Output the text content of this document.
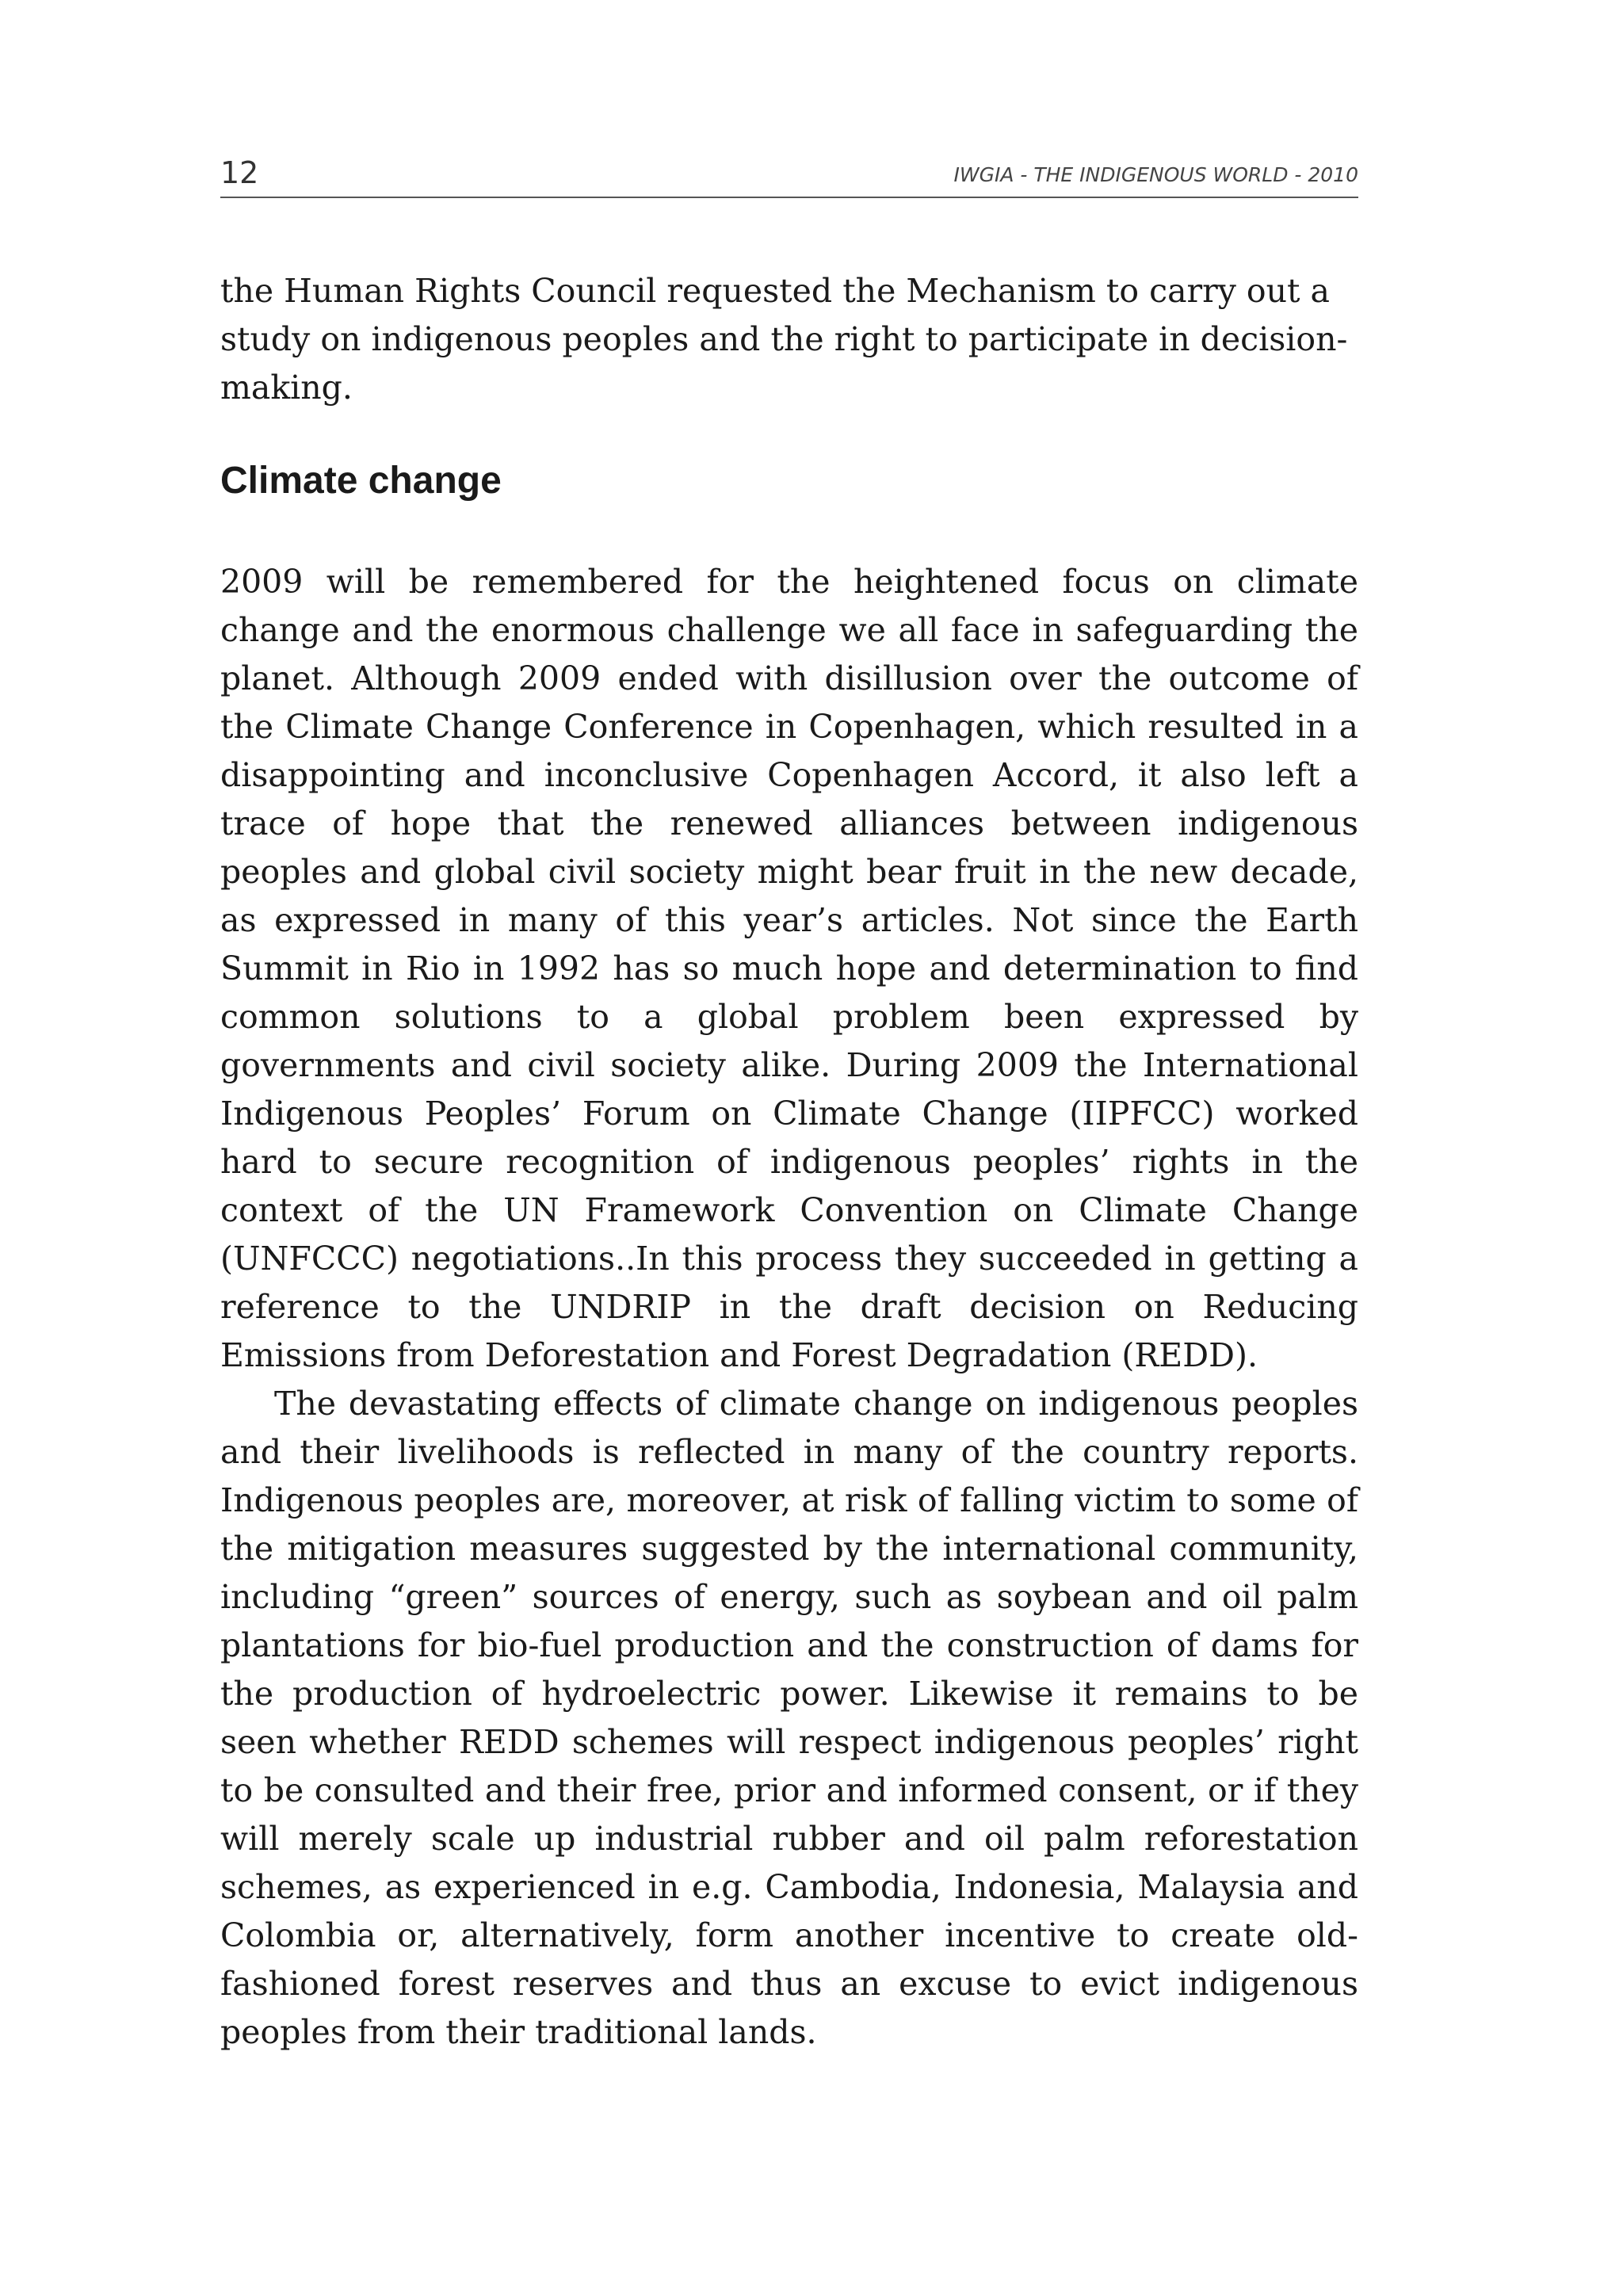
12	IWGIA - THE INDIGENOUS WORLD - 2010

the Human Rights Council requested the Mechanism to carry out a study on indigenous peoples and the right to participate in decision-making.

Climate change

2009 will be remembered for the heightened focus on climate change and the enormous challenge we all face in safeguarding the planet. Although 2009 ended with disillusion over the outcome of the Climate Change Conference in Copenhagen, which resulted in a disappointing and inconclusive Copenhagen Accord, it also left a trace of hope that the renewed alliances between indigenous peoples and global civil society might bear fruit in the new decade, as expressed in many of this year’s articles. Not since the Earth Summit in Rio in 1992 has so much hope and determination to find common solutions to a global problem been expressed by governments and civil society alike. During 2009 the International Indigenous Peoples’ Forum on Climate Change (IIPFCC) worked hard to secure recognition of indigenous peoples’ rights in the context of the UN Framework Convention on Climate Change (UNFCCC) negotiations..In this process they succeeded in getting a reference to the UNDRIP in the draft decision on Reducing Emissions from Deforestation and Forest Degradation (REDD).

The devastating effects of climate change on indigenous peoples and their livelihoods is reflected in many of the country reports. Indigenous peoples are, moreover, at risk of falling victim to some of the mitigation measures suggested by the international community, including “green” sources of energy, such as soybean and oil palm plantations for bio-fuel production and the construction of dams for the production of hydroelectric power. Likewise it remains to be seen whether REDD schemes will respect indigenous peoples’ right to be consulted and their free, prior and informed consent, or if they will merely scale up industrial rubber and oil palm reforestation schemes, as experienced in e.g. Cambodia, Indonesia, Malaysia and Colombia or, alternatively, form another incentive to create old-fashioned forest reserves and thus an excuse to evict indigenous peoples from their traditional lands.
